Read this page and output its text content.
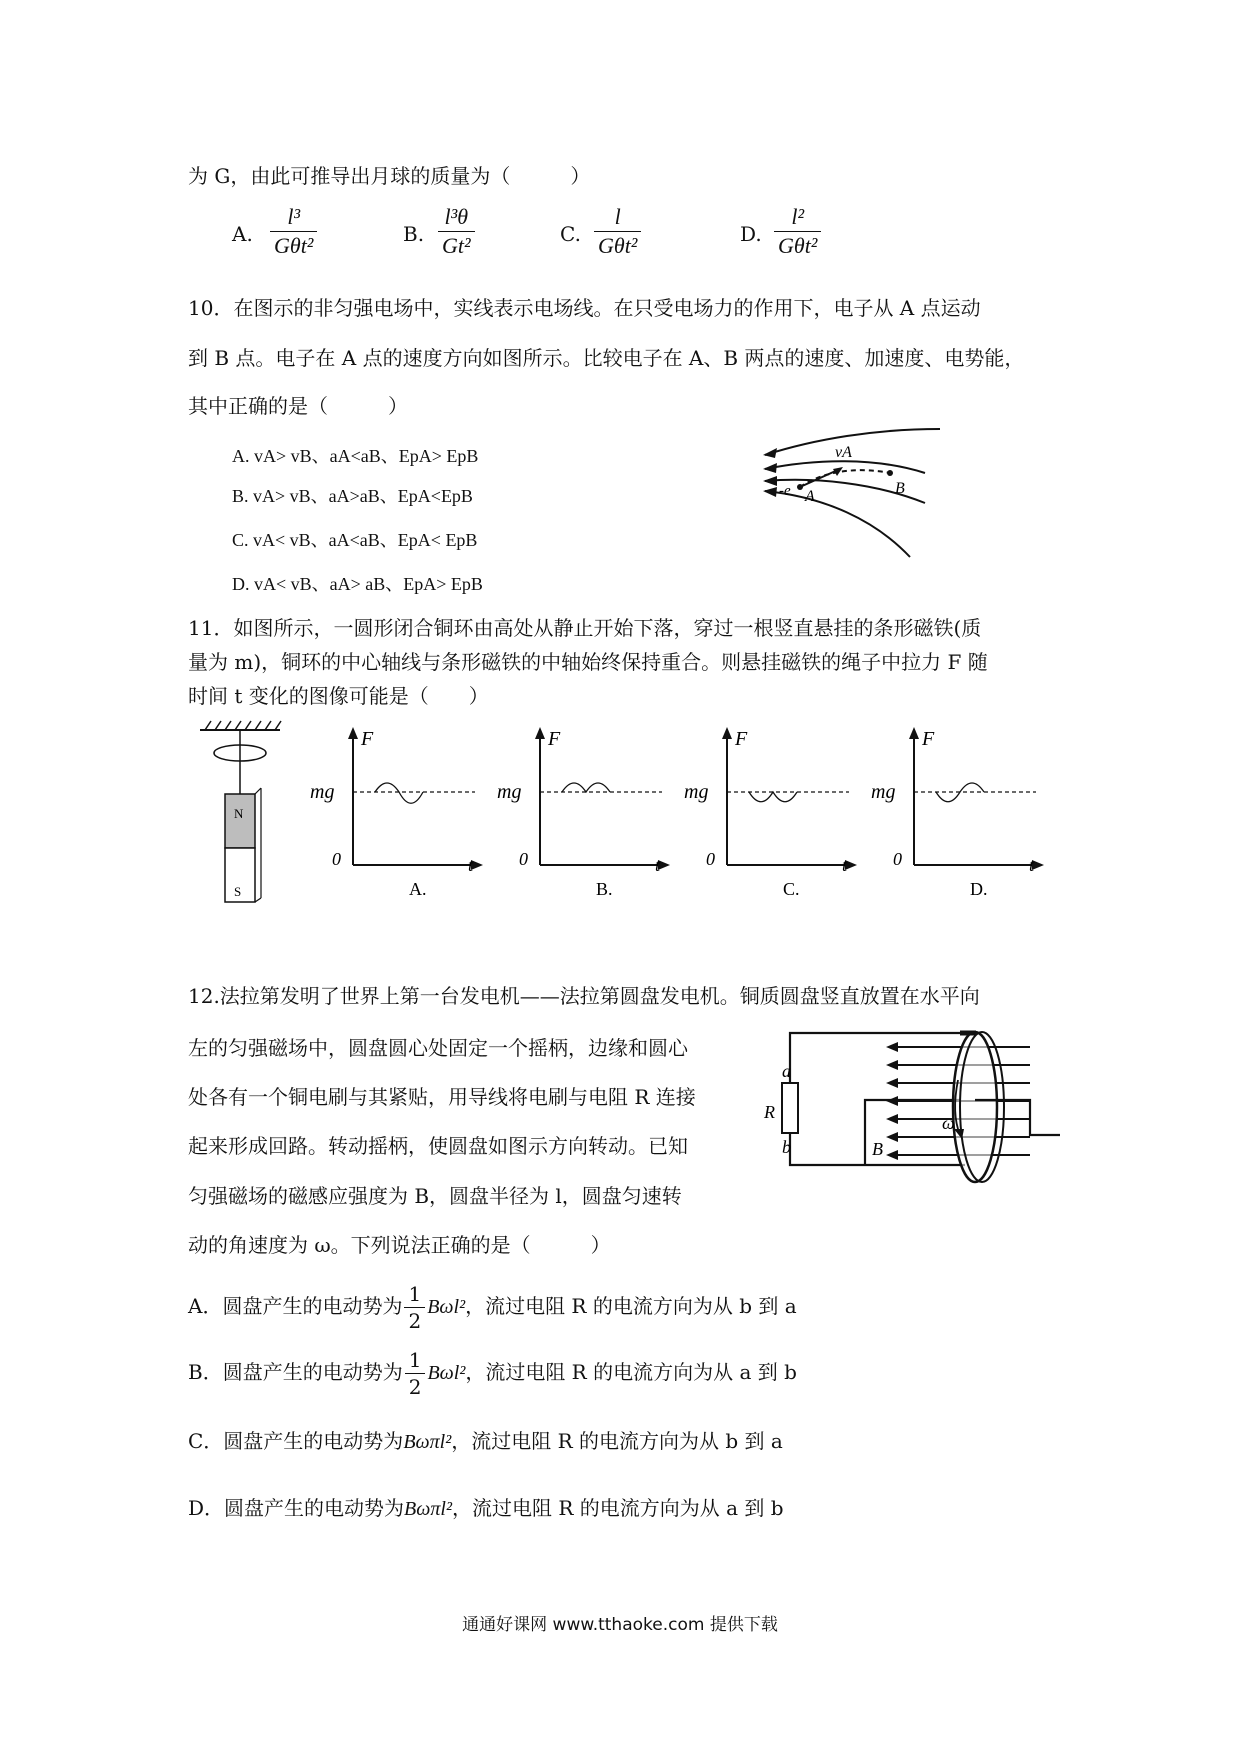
为 G，由此可推导出月球的质量为（　　　）
A. $\frac{\text{l³}}{\text{Gθt²}}$	B. $\frac{\text{l³θ}}{\text{Gt²}}$	C. $\frac{l}{\text{Gθt²}}$	D. $\frac{\text{l²}}{\text{Gθt²}}$
10．在图示的非匀强电场中，实线表示电场线。在只受电场力的作用下，电子从 A 点运动
到 B 点。电子在 A 点的速度方向如图所示。比较电子在 A、B 两点的速度、加速度、电势能，
其中正确的是（　　　）
A. vA> vB、aA<aB、EpA> EpB
B. vA> vB、aA>aB、EpA<EpB
C. vA< vB、aA<aB、EpA< EpB
D. vA< vB、aA> aB、EpA> EpB
vA
A	B
-e
11．如图所示，一圆形闭合铜环由高处从静止开始下落，穿过一根竖直悬挂的条形磁铁(质
量为 m)，铜环的中心轴线与条形磁铁的中轴始终保持重合。则悬挂磁铁的绳子中拉力 F 随
时间 t 变化的图像可能是（　　）
N
S
F
mg
0	t
A.
F
mg
0	t
B.
F
mg
0	t
C.
F
mg
0	t
D.
12.法拉第发明了世界上第一台发电机——法拉第圆盘发电机。铜质圆盘竖直放置在水平向
左的匀强磁场中，圆盘圆心处固定一个摇柄，边缘和圆心
处各有一个铜电刷与其紧贴，用导线将电刷与电阻 R 连接
起来形成回路。转动摇柄，使圆盘如图示方向转动。已知
匀强磁场的磁感应强度为 B，圆盘半径为 l，圆盘匀速转
动的角速度为 ω。下列说法正确的是（　　　）
a
b
R
B
ω
A．圆盘产生的电动势为 $\frac{1}{2} B\omega l^2$，流过电阻 R 的电流方向为从 b 到 a
B．圆盘产生的电动势为 $\frac{1}{2} B\omega l^2$，流过电阻 R 的电流方向为从 a 到 b
C．圆盘产生的电动势为Bωπl²，流过电阻 R 的电流方向为从 b 到 a
D．圆盘产生的电动势为Bωπl²，流过电阻 R 的电流方向为从 a 到 b
通通好课网 www.tthaoke.com 提供下载
